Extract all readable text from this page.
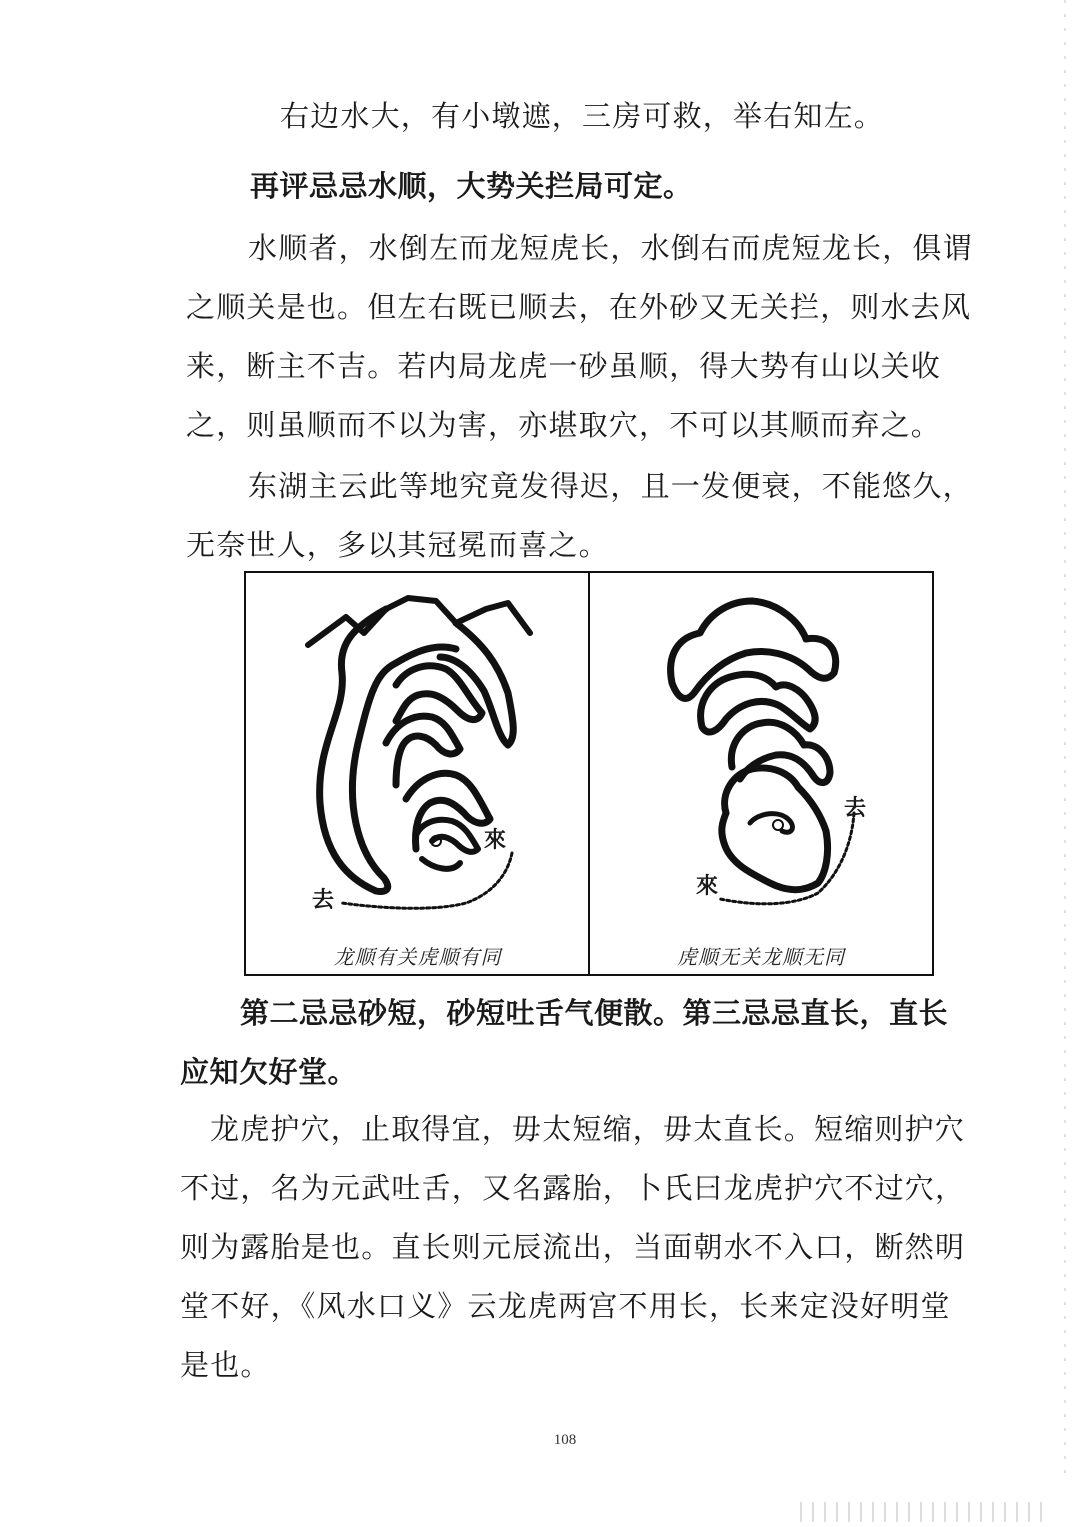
右边水大，有小墩遮，三房可救，举右知左。

再评忌忌水顺，大势关拦局可定。

水顺者，水倒左而龙短虎长，水倒右而虎短龙长，俱谓之顺关是也。但左右既已顺去，在外砂又无关拦，则水去风来，断主不吉。若内局龙虎一砂虽顺，得大势有山以关收之，则虽顺而不以为害，亦堪取穴，不可以其顺而弃之。

东湖主云此等地究竟发得迟，且一发便衰，不能悠久，无奈世人，多以其冠冕而喜之。

來
去
龙顺有关虎顺有同
去
來
虎顺无关龙顺无同

第二忌忌砂短，砂短吐舌气便散。第三忌忌直长，直长应知欠好堂。

龙虎护穴，止取得宜，毋太短缩，毋太直长。短缩则护穴不过，名为元武吐舌，又名露胎，卜氏曰龙虎护穴不过穴，则为露胎是也。直长则元辰流出，当面朝水不入口，断然明堂不好，《风水口义》云龙虎两宫不用长，长来定没好明堂是也。

108
